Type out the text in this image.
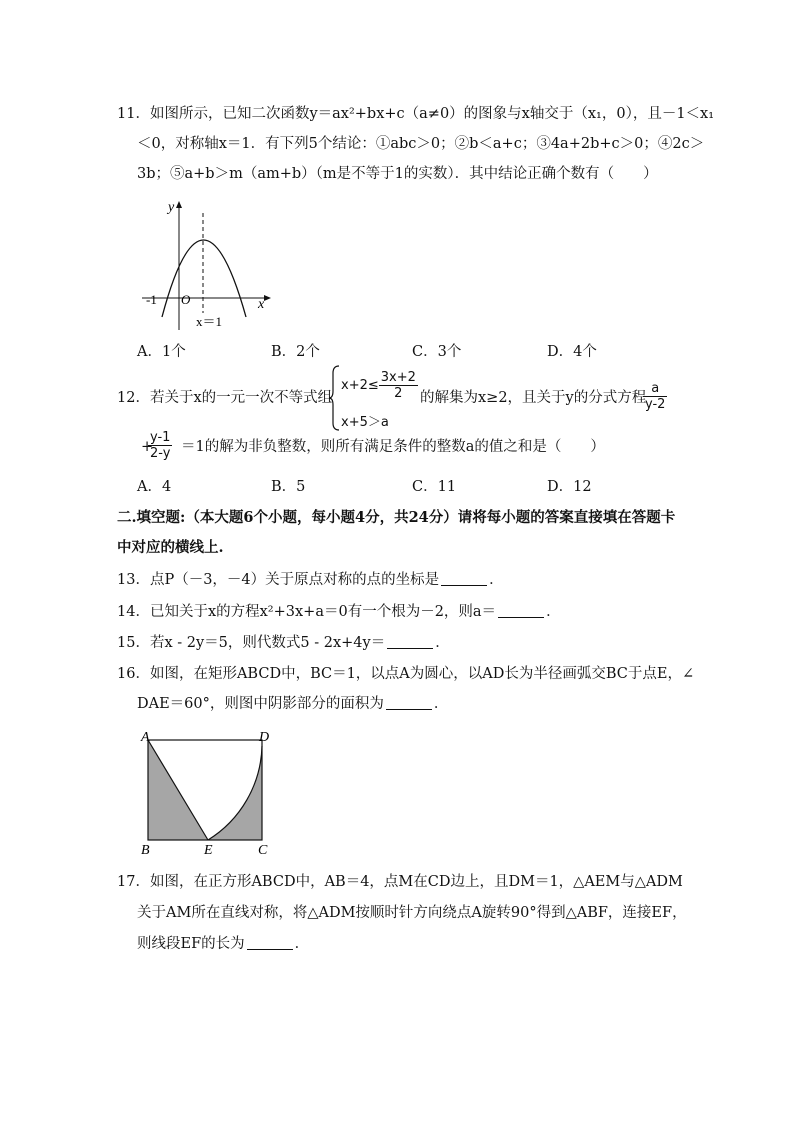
11．如图所示，已知二次函数y＝ax²+bx+c（a≠0）的图象与x轴交于（x₁，0），且－1＜x₁
＜0，对称轴x＝1．有下列5个结论：①abc＞0；②b＜a+c；③4a+2b+c＞0；④2c＞
3b；⑤a+b＞m（am+b）（m是不等于1的实数）．其中结论正确个数有（　　）
y
x
O
-1
x＝1
A．1个	B．2个	C．3个	D．4个
12．若关于x的一元一次不等式组
$x+2\le \frac{3x+2}{2}$
x+5＞a
的解集为x≥2，且关于y的分式方程
$\frac{a}{y-2}$
+
$\frac{y-1}{2-y} =1$的解为非负整数，则所有满足条件的整数a的值之和是（　　）
A．4	B．5	C．11	D．12
二.填空题:（本大题6个小题，每小题4分，共24分）请将每小题的答案直接填在答题卡
中对应的横线上.
13．点P（－3，－4）关于原点对称的点的坐标是	．
14．已知关于x的方程x²+3x+a＝0有一个根为－2，则a＝	．
15．若x - 2y＝5，则代数式5 - 2x+4y＝	．
16．如图，在矩形ABCD中，BC＝1，以点A为圆心，以AD长为半径画弧交BC于点E，∠
DAE＝60°，则图中阴影部分的面积为	．
A	D
B	E	C
17．如图，在正方形ABCD中，AB＝4，点M在CD边上，且DM＝1，△AEM与△ADM
关于AM所在直线对称，将△ADM按顺时针方向绕点A旋转90°得到△ABF，连接EF，
则线段EF的长为	．
